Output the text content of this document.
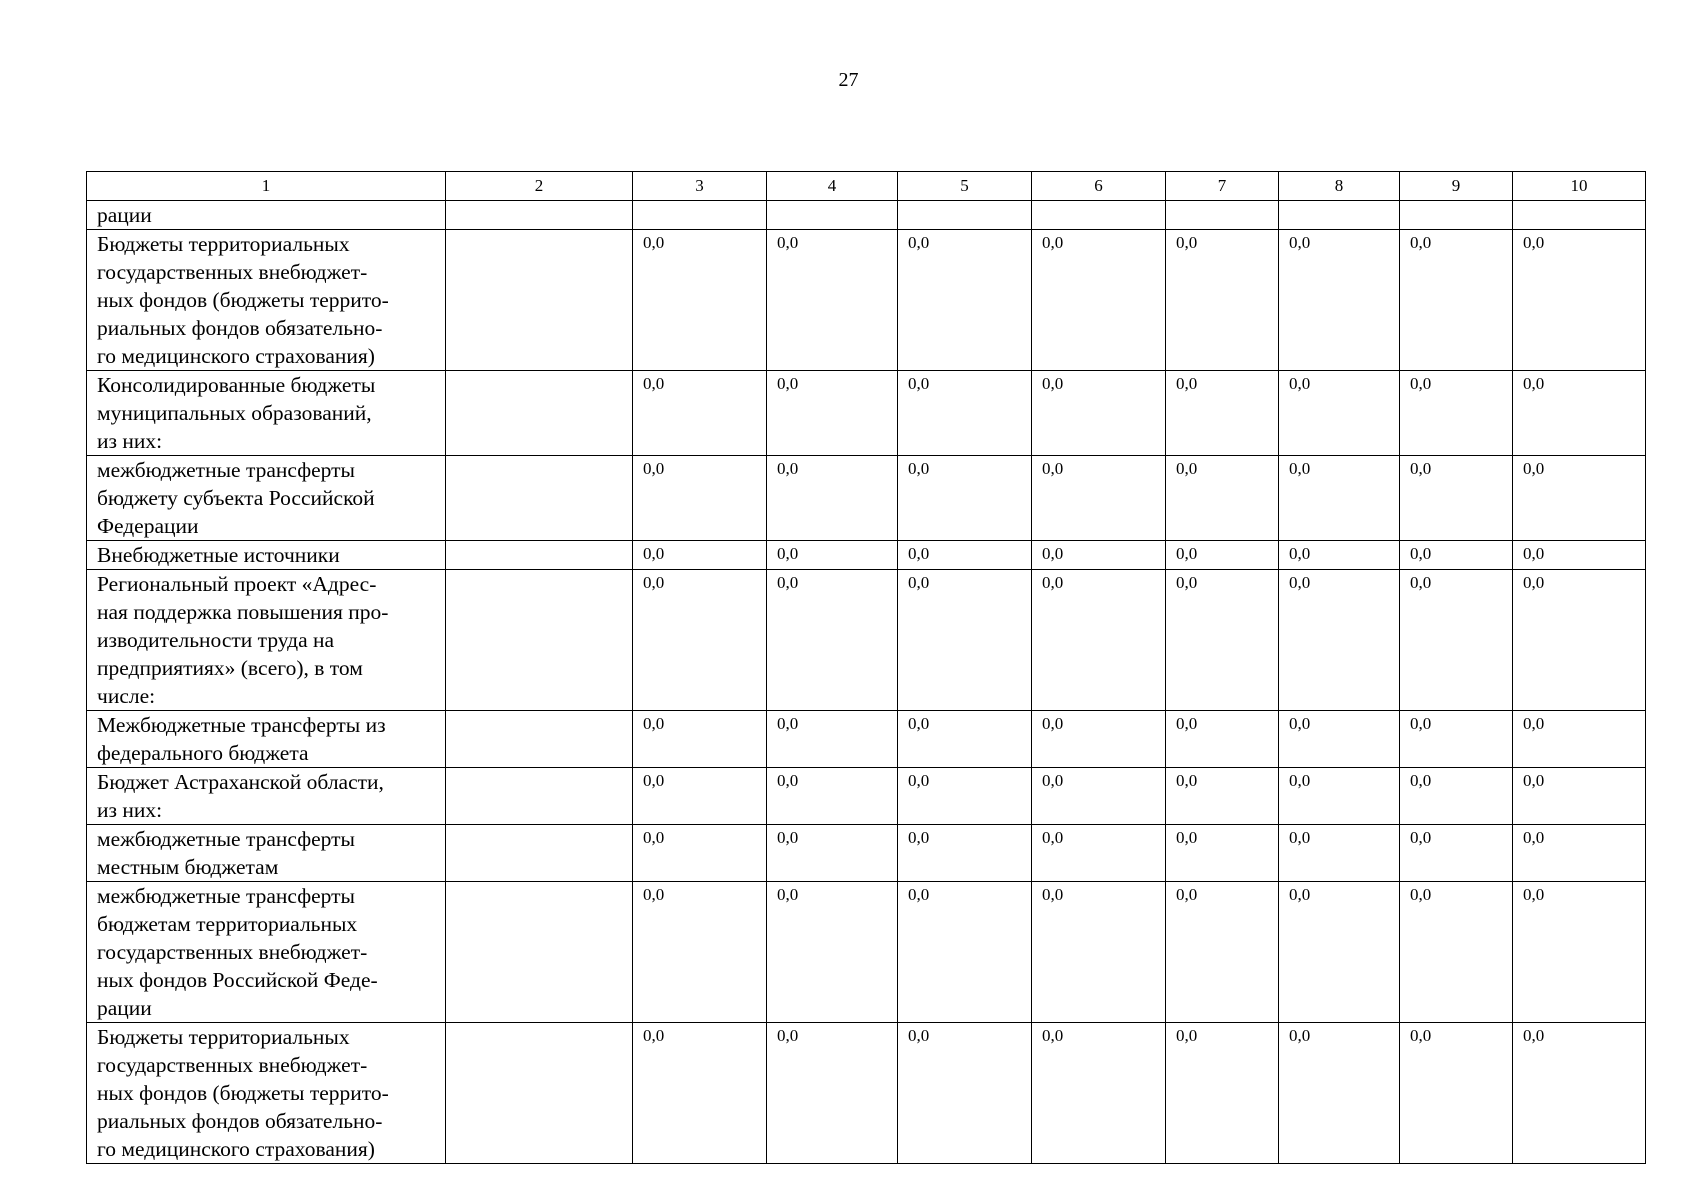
27
1	2	3	4	5	6	7	8	9	10

рации									

Бюджеты территориальных
государственных внебюджет-
ных фондов (бюджеты террито-
риальных фондов обязательно-
го медицинского страхования)		0,0	0,0	0,0	0,0	0,0	0,0	0,0	0,0

Консолидированные бюджеты
муниципальных образований,
из них:		0,0	0,0	0,0	0,0	0,0	0,0	0,0	0,0

межбюджетные трансферты
бюджету субъекта Российской
Федерации		0,0	0,0	0,0	0,0	0,0	0,0	0,0	0,0

Внебюджетные источники		0,0	0,0	0,0	0,0	0,0	0,0	0,0	0,0

Региональный проект «Адрес-
ная поддержка повышения про-
изводительности труда на
предприятиях» (всего), в том
числе:		0,0	0,0	0,0	0,0	0,0	0,0	0,0	0,0

Межбюджетные трансферты из
федерального бюджета		0,0	0,0	0,0	0,0	0,0	0,0	0,0	0,0

Бюджет Астраханской области,
из них:		0,0	0,0	0,0	0,0	0,0	0,0	0,0	0,0

межбюджетные трансферты
местным бюджетам		0,0	0,0	0,0	0,0	0,0	0,0	0,0	0,0

межбюджетные трансферты
бюджетам территориальных
государственных внебюджет-
ных фондов Российской Феде-
рации		0,0	0,0	0,0	0,0	0,0	0,0	0,0	0,0

Бюджеты территориальных
государственных внебюджет-
ных фондов (бюджеты террито-
риальных фондов обязательно-
го медицинского страхования)		0,0	0,0	0,0	0,0	0,0	0,0	0,0	0,0
